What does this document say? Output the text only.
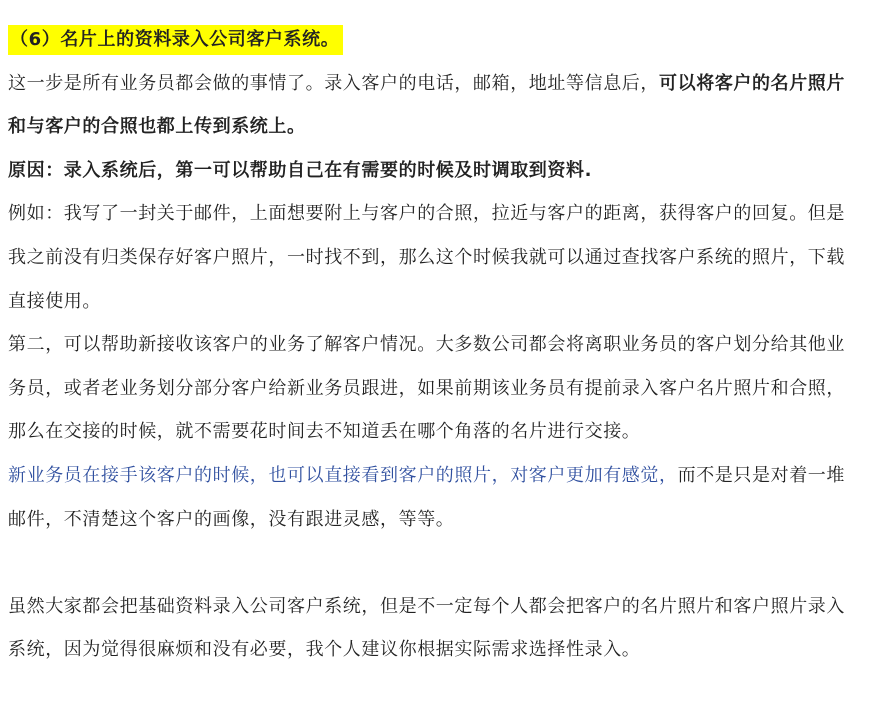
（6）名片上的资料录入公司客户系统。

这一步是所有业务员都会做的事情了。录入客户的电话，邮箱，地址等信息后，可以将客户的名片照片和与客户的合照也都上传到系统上。

原因：录入系统后，第一可以帮助自己在有需要的时候及时调取到资料.

例如：我写了一封关于邮件，上面想要附上与客户的合照，拉近与客户的距离，获得客户的回复。但是我之前没有归类保存好客户照片，一时找不到，那么这个时候我就可以通过查找客户系统的照片，下载直接使用。

第二，可以帮助新接收该客户的业务了解客户情况。大多数公司都会将离职业务员的客户划分给其他业务员，或者老业务划分部分客户给新业务员跟进，如果前期该业务员有提前录入客户名片照片和合照，那么在交接的时候，就不需要花时间去不知道丢在哪个角落的名片进行交接。

新业务员在接手该客户的时候，也可以直接看到客户的照片，对客户更加有感觉，而不是只是对着一堆邮件，不清楚这个客户的画像，没有跟进灵感，等等。

虽然大家都会把基础资料录入公司客户系统，但是不一定每个人都会把客户的名片照片和客户照片录入系统，因为觉得很麻烦和没有必要，我个人建议你根据实际需求选择性录入。
